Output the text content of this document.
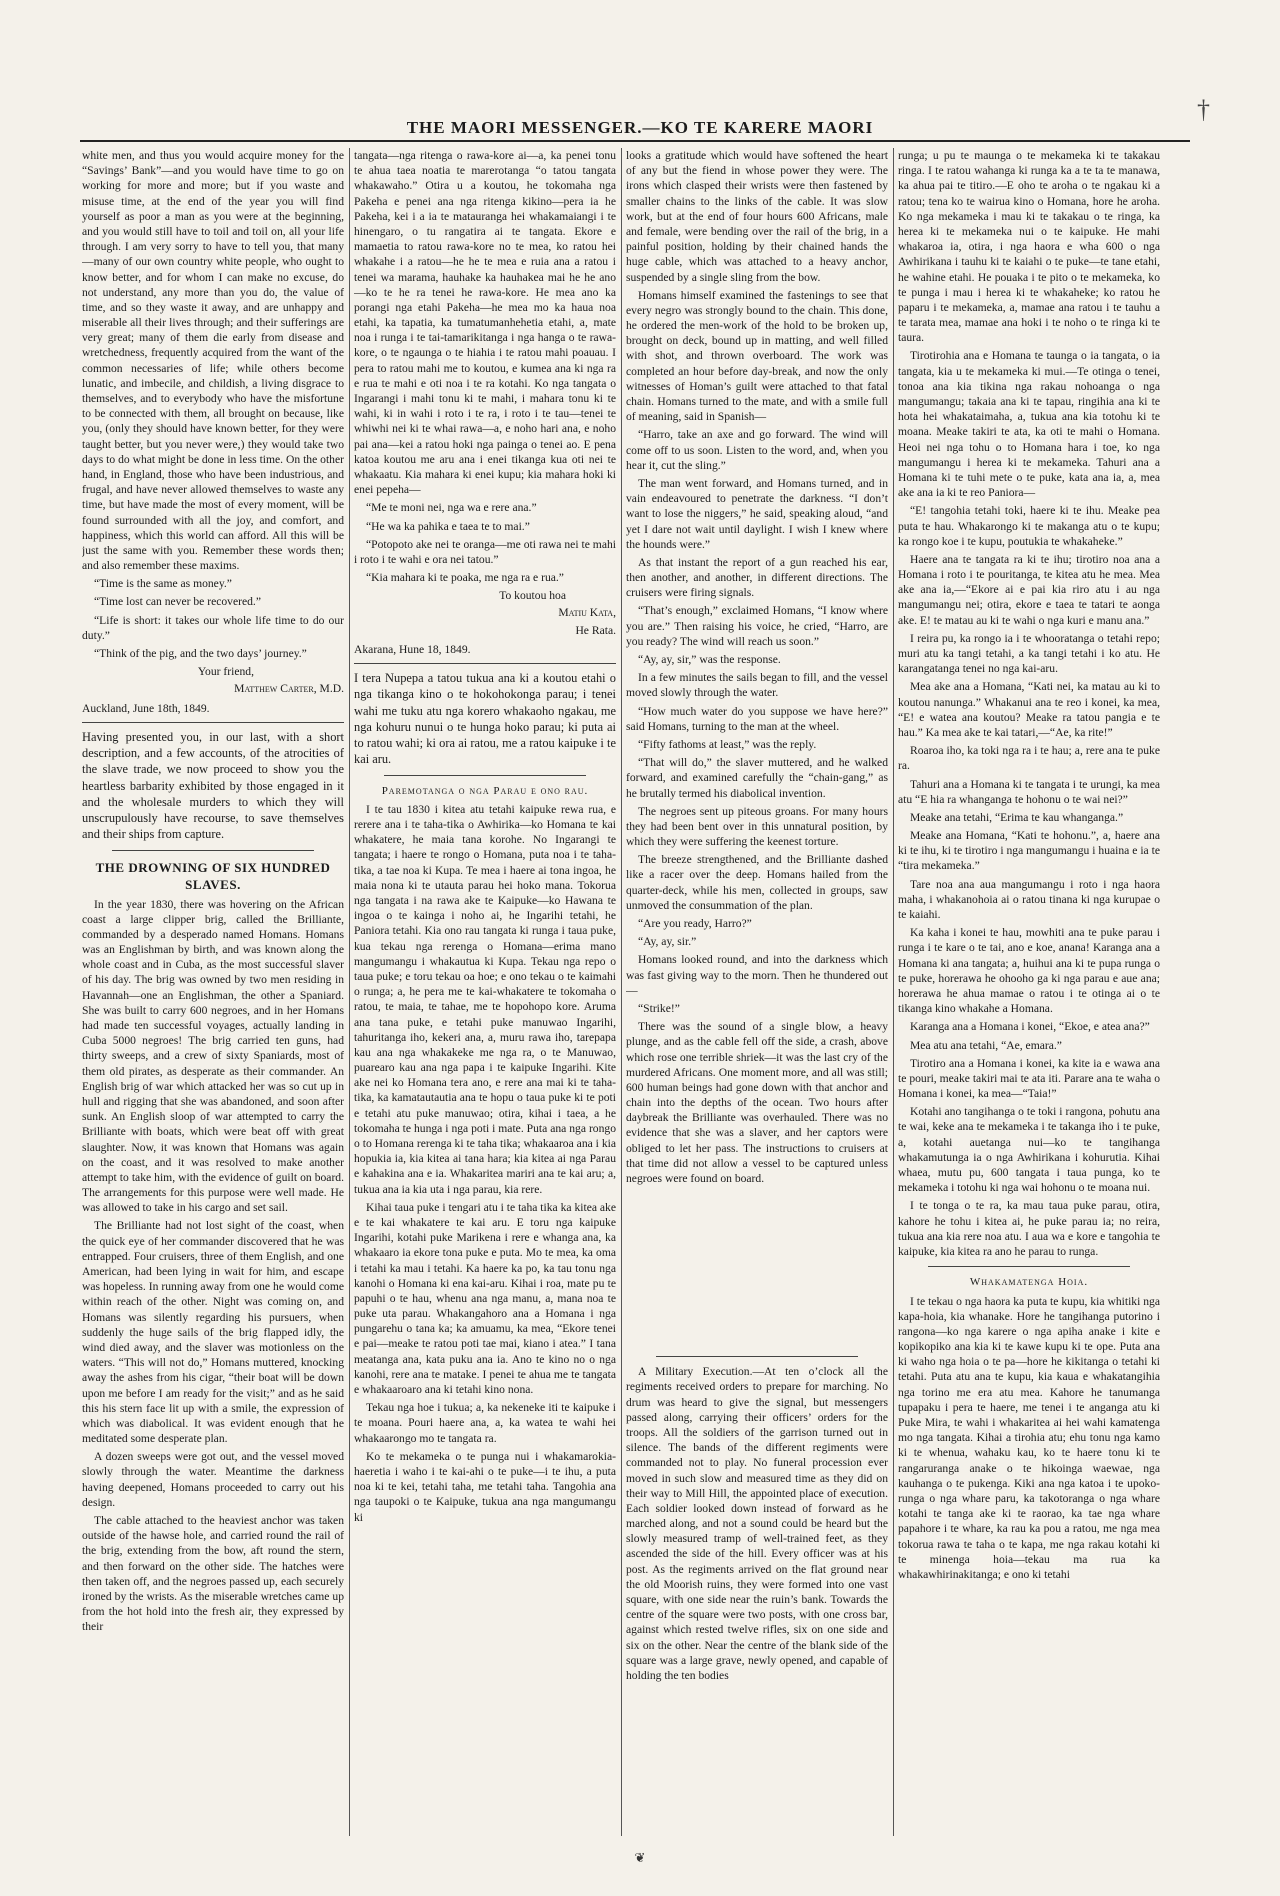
†
THE MAORI MESSENGER.—KO TE KARERE MAORI

white men, and thus you would acquire money for the “Savings’ Bank”—and you would have time to go on working for more and more; but if you waste and misuse time, at the end of the year you will find yourself as poor a man as you were at the beginning, and you would still have to toil and toil on, all your life through. I am very sorry to have to tell you, that many—many of our own country white people, who ought to know better, and for whom I can make no excuse, do not understand, any more than you do, the value of time, and so they waste it away, and are unhappy and miserable all their lives through; and their sufferings are very great; many of them die early from disease and wretchedness, frequently acquired from the want of the common necessaries of life; while others become lunatic, and imbecile, and childish, a living disgrace to themselves, and to everybody who have the misfortune to be connected with them, all brought on because, like you, (only they should have known better, for they were taught better, but you never were,) they would take two days to do what might be done in less time. On the other hand, in England, those who have been industrious, and frugal, and have never allowed themselves to waste any time, but have made the most of every moment, will be found surrounded with all the joy, and comfort, and happiness, which this world can afford. All this will be just the same with you. Remember these words then; and also remember these maxims.

“Time is the same as money.”

“Time lost can never be recovered.”

“Life is short: it takes our whole life time to do our duty.”

“Think of the pig, and the two days’ journey.”

Your friend,
Matthew Carter, M.D.
Auckland, June 18th, 1849.

Having presented you, in our last, with a short description, and a few accounts, of the atrocities of the slave trade, we now proceed to show you the heartless barbarity exhibited by those engaged in it and the wholesale murders to which they will unscrupulously have recourse, to save themselves and their ships from capture.

THE DROWNING OF SIX HUNDRED SLAVES.

In the year 1830, there was hovering on the African coast a large clipper brig, called the Brilliante, commanded by a desperado named Homans. Homans was an Englishman by birth, and was known along the whole coast and in Cuba, as the most successful slaver of his day. The brig was owned by two men residing in Havannah—one an Englishman, the other a Spaniard. She was built to carry 600 negroes, and in her Homans had made ten successful voyages, actually landing in Cuba 5000 negroes! The brig carried ten guns, had thirty sweeps, and a crew of sixty Spaniards, most of them old pirates, as desperate as their commander. An English brig of war which attacked her was so cut up in hull and rigging that she was abandoned, and soon after sunk. An English sloop of war attempted to carry the Brilliante with boats, which were beat off with great slaughter. Now, it was known that Homans was again on the coast, and it was resolved to make another attempt to take him, with the evidence of guilt on board. The arrangements for this purpose were well made. He was allowed to take in his cargo and set sail.

The Brilliante had not lost sight of the coast, when the quick eye of her commander discovered that he was entrapped. Four cruisers, three of them English, and one American, had been lying in wait for him, and escape was hopeless. In running away from one he would come within reach of the other. Night was coming on, and Homans was silently regarding his pursuers, when suddenly the huge sails of the brig flapped idly, the wind died away, and the slaver was motionless on the waters. “This will not do,” Homans muttered, knocking away the ashes from his cigar, “their boat will be down upon me before I am ready for the visit;” and as he said this his stern face lit up with a smile, the expression of which was diabolical. It was evident enough that he meditated some desperate plan.

A dozen sweeps were got out, and the vessel moved slowly through the water. Meantime the darkness having deepened, Homans proceeded to carry out his design.

The cable attached to the heaviest anchor was taken outside of the hawse hole, and carried round the rail of the brig, extending from the bow, aft round the stern, and then forward on the other side. The hatches were then taken off, and the negroes passed up, each securely ironed by the wrists. As the miserable wretches came up from the hot hold into the fresh air, they expressed by their

tangata—nga ritenga o rawa-kore ai—a, ka penei tonu te ahua taea noatia te marerotanga “o tatou tangata whakawaho.” Otira u a koutou, he tokomaha nga Pakeha e penei ana nga ritenga kikino—pera ia he Pakeha, kei i a ia te matauranga hei whakamaiangi i te hinengaro, o tu rangatira ai te tangata. Ekore e mamaetia to ratou rawa-kore no te mea, ko ratou hei whakahe i a ratou—he he te mea e ruia ana a ratou i tenei wa marama, hauhake ka hauhakea mai he he ano—ko te he ra tenei he rawa-kore. He mea ano ka porangi nga etahi Pakeha—he mea mo ka haua noa etahi, ka tapatia, ka tumatumanhehetia etahi, a, mate noa i runga i te tai-tamarikitanga i nga hanga o te rawa-kore, o te ngaunga o te hiahia i te ratou mahi poauau. I pera to ratou mahi me to koutou, e kumea ana ki nga ra e rua te mahi e oti noa i te ra kotahi. Ko nga tangata o Ingarangi i mahi tonu ki te mahi, i mahara tonu ki te wahi, ki in wahi i roto i te ra, i roto i te tau—tenei te whiwhi nei ki te whai rawa—a, e noho hari ana, e noho pai ana—kei a ratou hoki nga painga o tenei ao. E pena katoa koutou me aru ana i enei tikanga kua oti nei te whakaatu. Kia mahara ki enei kupu; kia mahara hoki ki enei pepeha—

“Me te moni nei, nga wa e rere ana.”

“He wa ka pahika e taea te to mai.”

“Potopoto ake nei te oranga—me oti rawa nei te mahi i roto i te wahi e ora nei tatou.”

“Kia mahara ki te poaka, me nga ra e rua.”

To koutou hoa
Matiu Kata,
He Rata.
Akarana, Hune 18, 1849.

I tera Nupepa a tatou tukua ana ki a koutou etahi o nga tikanga kino o te hokohokonga parau; i tenei wahi me tuku atu nga korero whakaoho ngakau, me nga kohuru nunui o te hunga hoko parau; ki puta ai to ratou wahi; ki ora ai ratou, me a ratou kaipuke i te kai aru.

Paremotanga o nga Parau e ono rau.

I te tau 1830 i kitea atu tetahi kaipuke rewa rua, e rerere ana i te taha-tika o Awhirika—ko Homana te kai whakatere, he maia tana korohe. No Ingarangi te tangata; i haere te rongo o Homana, puta noa i te taha-tika, a tae noa ki Kupa. Te mea i haere ai tona ingoa, he maia nona ki te utauta parau hei hoko mana. Tokorua nga tangata i na rawa ake te Kaipuke—ko Hawana te ingoa o te kainga i noho ai, he Ingarihi tetahi, he Paniora tetahi. Kia ono rau tangata ki runga i taua puke, kua tekau nga rerenga o Homana—erima mano mangumangu i whakautua ki Kupa. Tekau nga repo o taua puke; e toru tekau oa hoe; e ono tekau o te kaimahi o runga; a, he pera me te kai-whakatere te tokomaha o ratou, te maia, te tahae, me te hopohopo kore. Aruma ana tana puke, e tetahi puke manuwao Ingarihi, tahuritanga iho, kekeri ana, a, muru rawa iho, tarepapa kau ana nga whakakeke me nga ra, o te Manuwao, puarearo kau ana nga papa i te kaipuke Ingarihi. Kite ake nei ko Homana tera ano, e rere ana mai ki te taha-tika, ka kamatautautia ana te hopu o taua puke ki te poti e tetahi atu puke manuwao; otira, kihai i taea, a he tokomaha te hunga i nga poti i mate. Puta ana nga rongo o to Homana rerenga ki te taha tika; whakaaroa ana i kia hopukia ia, kia kitea ai tana hara; kia kitea ai nga Parau e kahakina ana e ia. Whakaritea mariri ana te kai aru; a, tukua ana ia kia uta i nga parau, kia rere.

Kihai taua puke i tengari atu i te taha tika ka kitea ake e te kai whakatere te kai aru. E toru nga kaipuke Ingarihi, kotahi puke Marikena i rere e whanga ana, ka whakaaro ia ekore tona puke e puta. Mo te mea, ka oma i tetahi ka mau i tetahi. Ka haere ka po, ka tau tonu nga kanohi o Homana ki ena kai-aru. Kihai i roa, mate pu te papuhi o te hau, whenu ana nga manu, a, mana noa te puke uta parau. Whakangahoro ana a Homana i nga pungarehu o tana ka; ka amuamu, ka mea, “Ekore tenei e pai—meake te ratou poti tae mai, kiano i atea.” I tana meatanga ana, kata puku ana ia. Ano te kino no o nga kanohi, rere ana te matake. I penei te ahua me te tangata e whakaaroaro ana ki tetahi kino nona.

Tekau nga hoe i tukua; a, ka nekeneke iti te kaipuke i te moana. Pouri haere ana, a, ka watea te wahi hei whakaarongo mo te tangata ra.

Ko te mekameka o te punga nui i whakamarokia-haeretia i waho i te kai-ahi o te puke—i te ihu, a puta noa ki te kei, tetahi taha, me tetahi taha. Tangohia ana nga taupoki o te Kaipuke, tukua ana nga mangumangu ki

looks a gratitude which would have softened the heart of any but the fiend in whose power they were. The irons which clasped their wrists were then fastened by smaller chains to the links of the cable. It was slow work, but at the end of four hours 600 Africans, male and female, were bending over the rail of the brig, in a painful position, holding by their chained hands the huge cable, which was attached to a heavy anchor, suspended by a single sling from the bow.

Homans himself examined the fastenings to see that every negro was strongly bound to the chain. This done, he ordered the men-work of the hold to be broken up, brought on deck, bound up in matting, and well filled with shot, and thrown overboard. The work was completed an hour before day-break, and now the only witnesses of Homan’s guilt were attached to that fatal chain. Homans turned to the mate, and with a smile full of meaning, said in Spanish—

“Harro, take an axe and go forward. The wind will come off to us soon. Listen to the word, and, when you hear it, cut the sling.”

The man went forward, and Homans turned, and in vain endeavoured to penetrate the darkness. “I don’t want to lose the niggers,” he said, speaking aloud, “and yet I dare not wait until daylight. I wish I knew where the hounds were.”

As that instant the report of a gun reached his ear, then another, and another, in different directions. The cruisers were firing signals.

“That’s enough,” exclaimed Homans, “I know where you are.” Then raising his voice, he cried, “Harro, are you ready? The wind will reach us soon.”

“Ay, ay, sir,” was the response.

In a few minutes the sails began to fill, and the vessel moved slowly through the water.

“How much water do you suppose we have here?” said Homans, turning to the man at the wheel.

“Fifty fathoms at least,” was the reply.

“That will do,” the slaver muttered, and he walked forward, and examined carefully the “chain-gang,” as he brutally termed his diabolical invention.

The negroes sent up piteous groans. For many hours they had been bent over in this unnatural position, by which they were suffering the keenest torture.

The breeze strengthened, and the Brilliante dashed like a racer over the deep. Homans hailed from the quarter-deck, while his men, collected in groups, saw unmoved the consummation of the plan.

“Are you ready, Harro?”

“Ay, ay, sir.”

Homans looked round, and into the darkness which was fast giving way to the morn. Then he thundered out—

“Strike!”

There was the sound of a single blow, a heavy plunge, and as the cable fell off the side, a crash, above which rose one terrible shriek—it was the last cry of the murdered Africans. One moment more, and all was still; 600 human beings had gone down with that anchor and chain into the depths of the ocean. Two hours after daybreak the Brilliante was overhauled. There was no evidence that she was a slaver, and her captors were obliged to let her pass. The instructions to cruisers at that time did not allow a vessel to be captured unless negroes were found on board.

A Military Execution.—At ten o’clock all the regiments received orders to prepare for marching. No drum was heard to give the signal, but messengers passed along, carrying their officers’ orders for the troops. All the soldiers of the garrison turned out in silence. The bands of the different regiments were commanded not to play. No funeral procession ever moved in such slow and measured time as they did on their way to Mill Hill, the appointed place of execution. Each soldier looked down instead of forward as he marched along, and not a sound could be heard but the slowly measured tramp of well-trained feet, as they ascended the side of the hill. Every officer was at his post. As the regiments arrived on the flat ground near the old Moorish ruins, they were formed into one vast square, with one side near the ruin’s bank. Towards the centre of the square were two posts, with one cross bar, against which rested twelve rifles, six on one side and six on the other. Near the centre of the blank side of the square was a large grave, newly opened, and capable of holding the ten bodies

runga; u pu te maunga o te mekameka ki te takakau ringa. I te ratou wahanga ki runga ka a te ta te manawa, ka ahua pai te titiro.—E oho te aroha o te ngakau ki a ratou; tena ko te wairua kino o Homana, hore he aroha. Ko nga mekameka i mau ki te takakau o te ringa, ka herea ki te mekameka nui o te kaipuke. He mahi whakaroa ia, otira, i nga haora e wha 600 o nga Awhirikana i tauhu ki te kaiahi o te puke—te tane etahi, he wahine etahi. He pouaka i te pito o te mekameka, ko te punga i mau i herea ki te whakaheke; ko ratou he paparu i te mekameka, a, mamae ana ratou i te tauhu a te tarata mea, mamae ana hoki i te noho o te ringa ki te taura.

Tirotirohia ana e Homana te taunga o ia tangata, o ia tangata, kia u te mekameka ki mui.—Te otinga o tenei, tonoa ana kia tikina nga rakau nohoanga o nga mangumangu; takaia ana ki te tapau, ringihia ana ki te hota hei whakataimaha, a, tukua ana kia totohu ki te moana. Meake takiri te ata, ka oti te mahi o Homana. Heoi nei nga tohu o to Homana hara i toe, ko nga mangumangu i herea ki te mekameka. Tahuri ana a Homana ki te tuhi mete o te puke, kata ana ia, a, mea ake ana ia ki te reo Paniora—

“E! tangohia tetahi toki, haere ki te ihu. Meake pea puta te hau. Whakarongo ki te makanga atu o te kupu; ka rongo koe i te kupu, poutukia te whakaheke.”

Haere ana te tangata ra ki te ihu; tirotiro noa ana a Homana i roto i te pouritanga, te kitea atu he mea. Mea ake ana ia,—“Ekore ai e pai kia riro atu i au nga mangumangu nei; otira, ekore e taea te tatari te aonga ake. E! te matau au ki te wahi o nga kuri e manu ana.”

I reira pu, ka rongo ia i te whooratanga o tetahi repo; muri atu ka tangi tetahi, a ka tangi tetahi i ko atu. He karangatanga tenei no nga kai-aru.

Mea ake ana a Homana, “Kati nei, ka matau au ki to koutou nanunga.” Whakanui ana te reo i konei, ka mea, “E! e watea ana koutou? Meake ra tatou pangia e te hau.” Ka mea ake te kai tatari,—“Ae, ka rite!”

Roaroa iho, ka toki nga ra i te hau; a, rere ana te puke ra.

Tahuri ana a Homana ki te tangata i te urungi, ka mea atu “E hia ra whanganga te hohonu o te wai nei?”

Meake ana tetahi, “Erima te kau whanganga.”

Meake ana Homana, “Kati te hohonu.”, a, haere ana ki te ihu, ki te tirotiro i nga mangumangu i huaina e ia te “tira mekameka.”

Tare noa ana aua mangumangu i roto i nga haora maha, i whakanohoia ai o ratou tinana ki nga kurupae o te kaiahi.

Ka kaha i konei te hau, mowhiti ana te puke parau i runga i te kare o te tai, ano e koe, anana! Karanga ana a Homana ki ana tangata; a, huihui ana ki te pupa runga o te puke, horerawa he ohooho ga ki nga parau e aue ana; horerawa he ahua mamae o ratou i te otinga ai o te tikanga kino whakahe a Homana.

Karanga ana a Homana i konei, “Ekoe, e atea ana?”

Mea atu ana tetahi, “Ae, emara.”

Tirotiro ana a Homana i konei, ka kite ia e wawa ana te pouri, meake takiri mai te ata iti. Parare ana te waha o Homana i konei, ka mea—“Taia!”

Kotahi ano tangihanga o te toki i rangona, pohutu ana te wai, keke ana te mekameka i te takanga iho i te puke, a, kotahi auetanga nui—ko te tangihanga whakamutunga ia o nga Awhirikana i kohurutia. Kihai whaea, mutu pu, 600 tangata i taua punga, ko te mekameka i totohu ki nga wai hohonu o te moana nui.

I te tonga o te ra, ka mau taua puke parau, otira, kahore he tohu i kitea ai, he puke parau ia; no reira, tukua ana kia rere noa atu. I aua wa e kore e tangohia te kaipuke, kia kitea ra ano he parau to runga.

Whakamatenga Hoia.

I te tekau o nga haora ka puta te kupu, kia whitiki nga kapa-hoia, kia whanake. Hore he tangihanga putorino i rangona—ko nga karere o nga apiha anake i kite e kopikopiko ana kia ki te kawe kupu ki te ope. Puta ana ki waho nga hoia o te pa—hore he kikitanga o tetahi ki tetahi. Puta atu ana te kupu, kia kaua e whakatangihia nga torino me era atu mea. Kahore he tanumanga tupapaku i pera te haere, me tenei i te anganga atu ki Puke Mira, te wahi i whakaritea ai hei wahi kamatenga mo nga tangata. Kihai a tirohia atu; ehu tonu nga kamo ki te whenua, wahaku kau, ko te haere tonu ki te rangaruranga anake o te hikoinga waewae, nga kauhanga o te pukenga. Kiki ana nga katoa i te upoko-runga o nga whare paru, ka takotoranga o nga whare kotahi te tanga ake ki te raorao, ka tae nga whare papahore i te whare, ka rau ka pou a ratou, me nga mea tokorua rawa te taha o te kapa, me nga rakau kotahi ki te minenga hoia—tekau ma rua ka whakawhirinakitanga; e ono ki tetahi

❦
